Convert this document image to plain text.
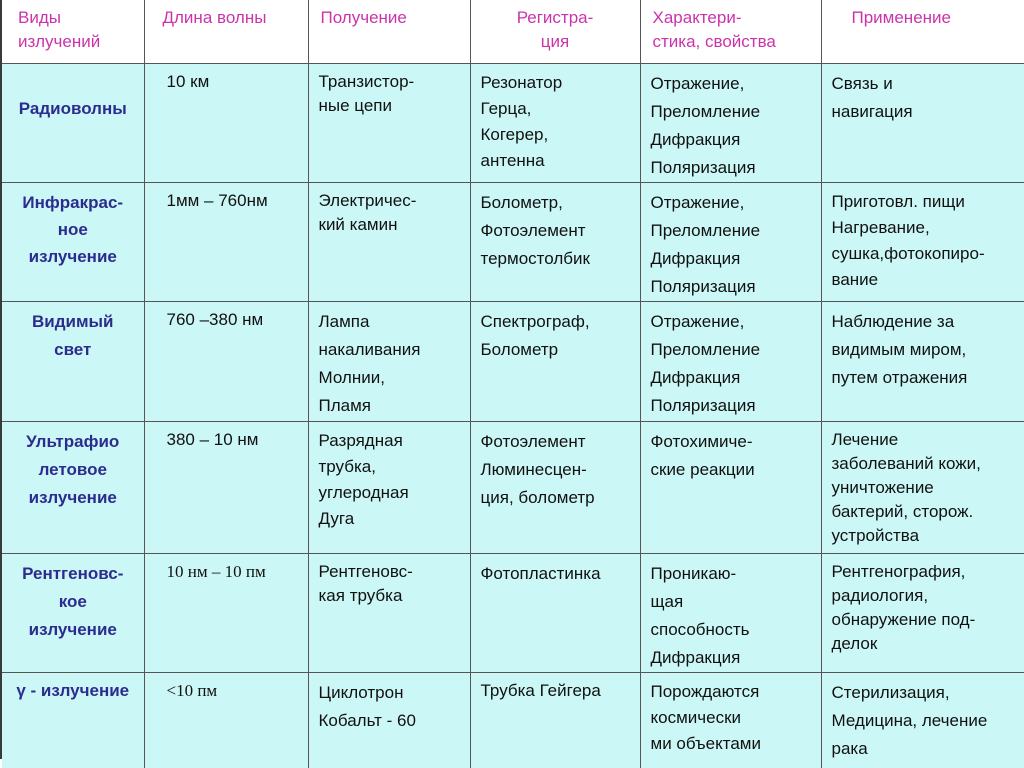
Виды
излучений	Длина волны	Получение	Регистра-
ция	Характери-
стика, свойства	Применение

Радиоволны	10 км	Транзистор-
ные цепи	Резонатор
Герца,
Когерер,
антенна	Отражение,
Преломление
Дифракция
Поляризация	Связь и
навигация

Инфракрас-
ное
излучение	1мм – 760нм	Электричес-
кий камин	Болометр,
Фотоэлемент
термостолбик	Отражение,
Преломление
Дифракция
Поляризация	Приготовл. пищи
Нагревание,
сушка,фотокопиро-
вание

Видимый
свет	760 –380 нм	Лампа
накаливания
Молнии,
Пламя	Спектрограф,
Болометр	Отражение,
Преломление
Дифракция
Поляризация	Наблюдение за
видимым миром,
путем отражения

Ультрафио
летовое
излучение	380 – 10 нм	Разрядная
трубка,
углеродная
Дуга	Фотоэлемент
Люминесцен-
ция, болометр	Фотохимиче-
ские реакции	Лечение
заболеваний кожи,
уничтожение
бактерий, сторож.
устройства

Рентгеновс-
кое
излучение	10 нм – 10 пм	Рентгеновс-
кая трубка	Фотопластинка	Проникаю-
щая
способность
Дифракция	Рентгенография,
радиология,
обнаружение под-
делок

γ - излучение	<10 пм	Циклотрон
Кобальт - 60	Трубка Гейгера	Порождаются
космически
ми объектами	Стерилизация,
Медицина, лечение
рака
